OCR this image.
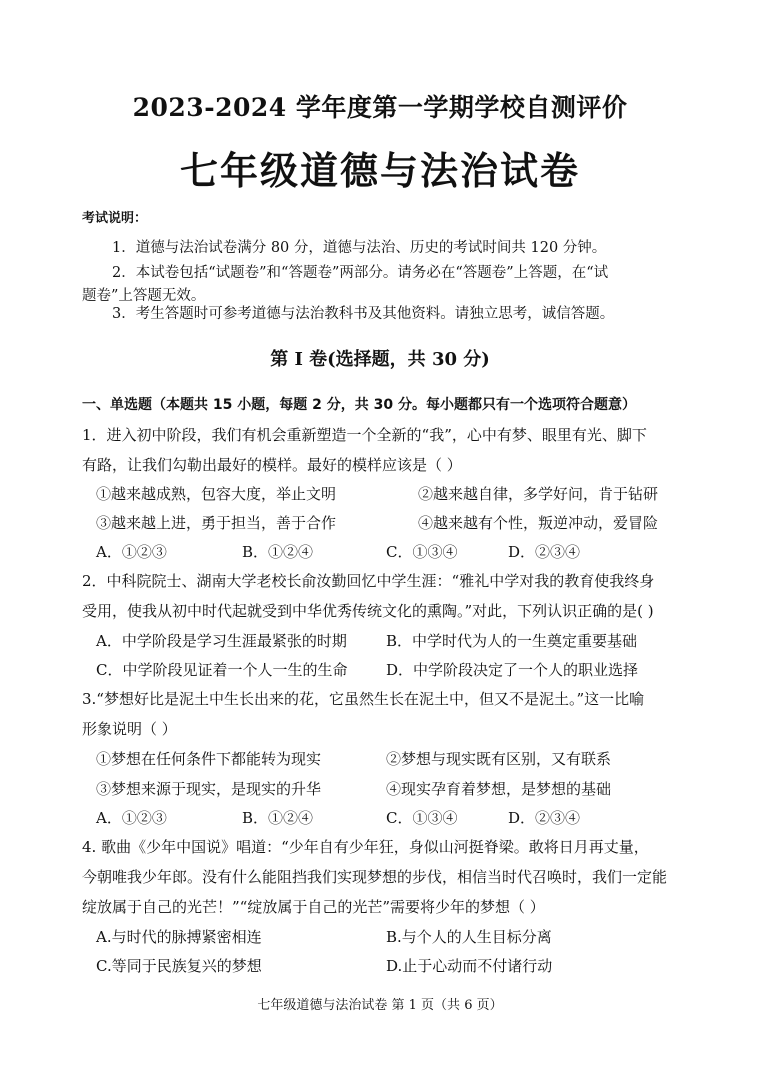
2023-2024 学年度第一学期学校自测评价
七年级道德与法治试卷
考试说明：
1．道德与法治试卷满分 80 分，道德与法治、历史的考试时间共 120 分钟。
2．本试卷包括“试题卷”和“答题卷”两部分。请务必在“答题卷”上答题，在“试
题卷”上答题无效。
3．考生答题时可参考道德与法治教科书及其他资料。请独立思考，诚信答题。
第 I 卷(选择题，共 30 分)
一、单选题（本题共 15 小题，每题 2 分，共 30 分。每小题都只有一个选项符合题意）
1．进入初中阶段，我们有机会重新塑造一个全新的“我”，心中有梦、眼里有光、脚下
有路，让我们勾勒出最好的模样。最好的模样应该是（ ）
①越来越成熟，包容大度，举止文明	②越来越自律，多学好问，肯于钻研
③越来越上进，勇于担当，善于合作	④越来越有个性，叛逆冲动，爱冒险
A．①②③	B．①②④	C．①③④	D．②③④
2．中科院院士、湖南大学老校长俞汝勤回忆中学生涯：“雅礼中学对我的教育使我终身
受用，使我从初中时代起就受到中华优秀传统文化的熏陶。”对此，下列认识正确的是( )
A．中学阶段是学习生涯最紧张的时期	B．中学时代为人的一生奠定重要基础
C．中学阶段见证着一个人一生的生命	D．中学阶段决定了一个人的职业选择
3.“梦想好比是泥土中生长出来的花，它虽然生长在泥土中，但又不是泥土。”这一比喻
形象说明（ ）
①梦想在任何条件下都能转为现实	②梦想与现实既有区别，又有联系
③梦想来源于现实，是现实的升华	④现实孕育着梦想，是梦想的基础
A．①②③	B．①②④	C．①③④	D．②③④
4. 歌曲《少年中国说》唱道：“少年自有少年狂，身似山河挺脊梁。敢将日月再丈量，
今朝唯我少年郎。没有什么能阻挡我们实现梦想的步伐，相信当时代召唤时，我们一定能
绽放属于自己的光芒！”“绽放属于自己的光芒”需要将少年的梦想（ ）
A.与时代的脉搏紧密相连	B.与个人的人生目标分离
C.等同于民族复兴的梦想	D.止于心动而不付诸行动
七年级道德与法治试卷 第 1 页（共 6 页）
